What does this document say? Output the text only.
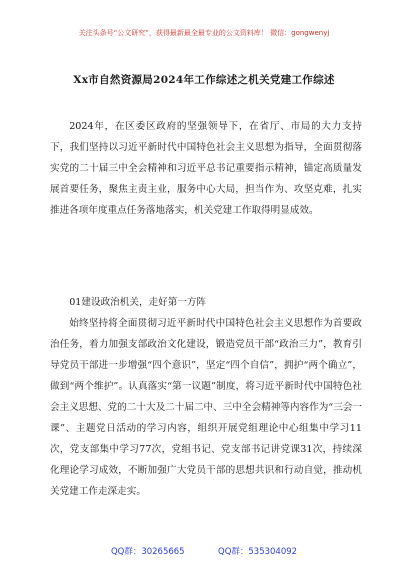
关注头条号“公文研究”，获得最新最全最专业的公文资料库！ 微信：gongwenyj
Xx市自然资源局2024年工作综述之机关党建工作综述
2024年，在区委区政府的坚强领导下，在省厅、市局的大力支持下，我们坚持以习近平新时代中国特色社会主义思想为指导，全面贯彻落实党的二十届三中全会精神和习近平总书记重要指示精神，锚定高质量发展首要任务，聚焦主责主业，服务中心大局，担当作为、攻坚克难，扎实推进各项年度重点任务落地落实，机关党建工作取得明显成效。
01建设政治机关，走好第一方阵
始终坚持将全面贯彻习近平新时代中国特色社会主义思想作为首要政治任务，着力加强支部政治文化建设，锻造党员干部“政治三力”，教育引导党员干部进一步增强“四个意识”，坚定“四个自信”，拥护“两个确立”，做到“两个维护”。认真落实“第一议题”制度，将习近平新时代中国特色社会主义思想、党的二十大及二十届二中、三中全会精神等内容作为“三会一课”、主题党日活动的学习内容，组织开展党组理论中心组集中学习11次，党支部集中学习77次，党组书记、党支部书记讲党课31次，持续深化理论学习成效，不断加强广大党员干部的思想共识和行动自觉，推动机关党建工作走深走实。
QQ群：30265665	QQ群：535304092
